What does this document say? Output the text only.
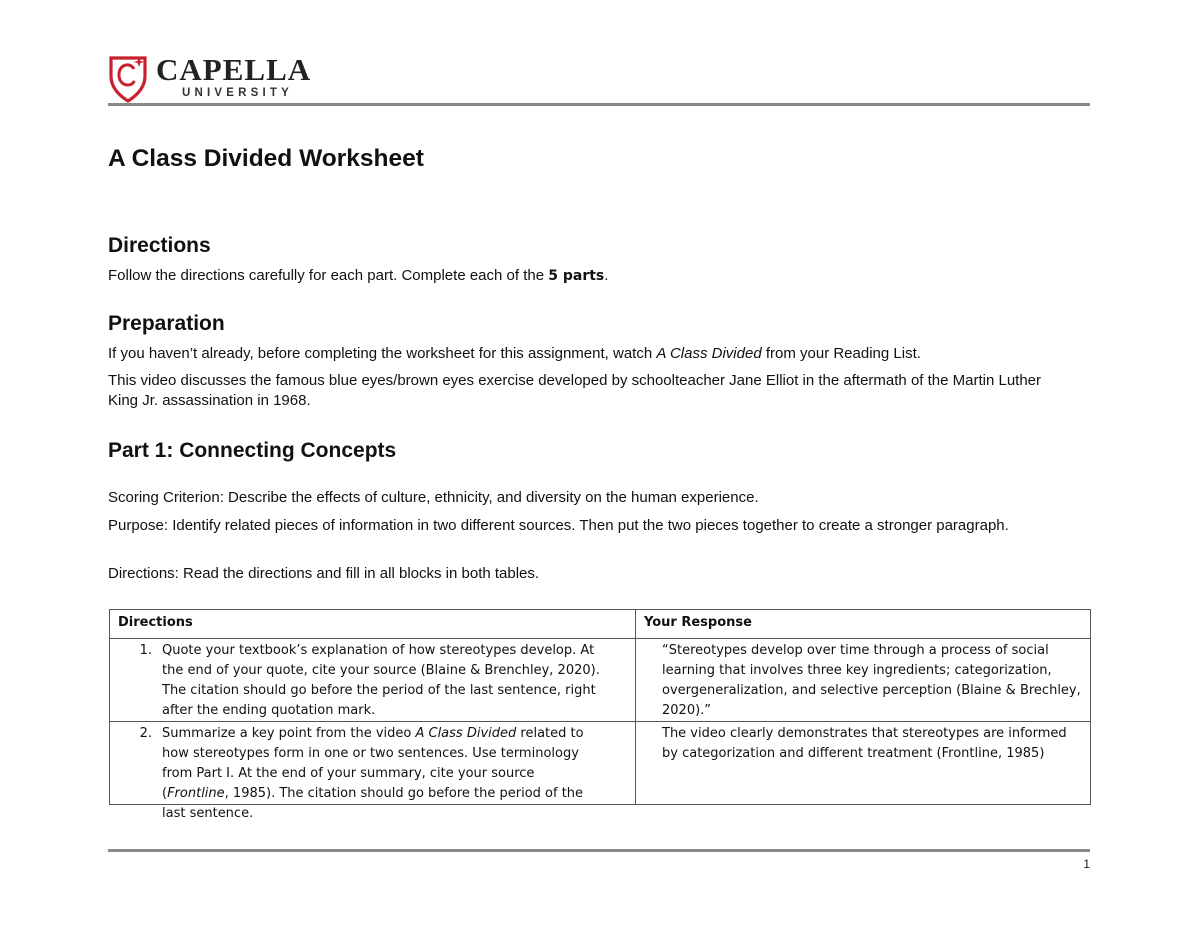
CAPELLA
UNIVERSITY
A Class Divided Worksheet
Directions

Follow the directions carefully for each part. Complete each of the 5 parts.

Preparation

If you haven’t already, before completing the worksheet for this assignment, watch A Class Divided from your Reading List.

This video discusses the famous blue eyes/brown eyes exercise developed by schoolteacher Jane Elliot in the aftermath of the Martin Luther King Jr. assassination in 1968.

Part 1: Connecting Concepts

Scoring Criterion: Describe the effects of culture, ethnicity, and diversity on the human experience.

Purpose: Identify related pieces of information in two different sources. Then put the two pieces together to create a stronger paragraph.

Directions: Read the directions and fill in all blocks in both tables.

Directions	Your Response

1. Quote your textbook’s explanation of how stereotypes develop. At the end of your quote, cite your source (Blaine & Brenchley, 2020). The citation should go before the period of the last sentence, right after the ending quotation mark.	“Stereotypes develop over time through a process of social learning that involves three key ingredients; categorization, overgeneralization, and selective perception (Blaine & Brechley, 2020).”

2. Summarize a key point from the video A Class Divided related to how stereotypes form in one or two sentences. Use terminology from Part I. At the end of your summary, cite your source (Frontline, 1985). The citation should go before the period of the last sentence.	The video clearly demonstrates that stereotypes are informed by categorization and different treatment (Frontline, 1985)
1
